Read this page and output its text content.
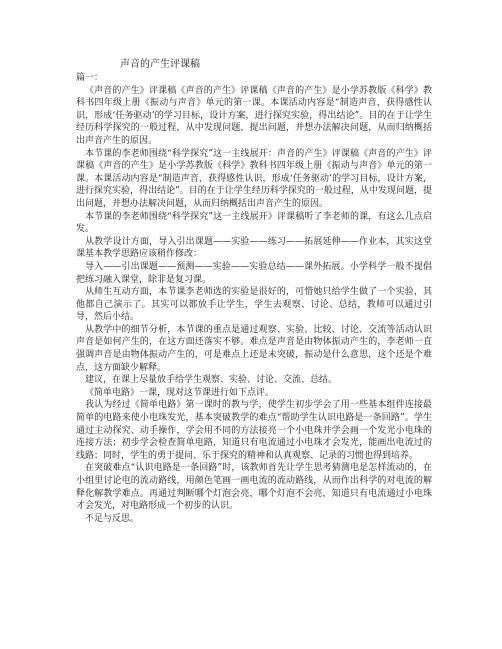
声音的产生评课稿

篇一：

《声音的产生》评课稿《声音的产生》评课稿《声音的产生》是小学苏教版《科学》教科书四年级上册《振动与声音》单元的第一课。本课活动内容是“制造声音，获得感性认识，形成‘任务驱动’的学习目标，设计方案，进行探究实验，得出结论”。目的在于让学生经历科学探究的一般过程，从中发现问题，提出问题，并想办法解决问题，从而归纳概括出声音产生的原因。

本节课的李老师围绕“科学探究”这一主线展开：声音的产生》评课稿《声音的产生》评课稿《声音的产生》是小学苏教版《科学》教科书四年级上册《振动与声音》单元的第一课。本课活动内容是“制造声音，获得感性认识，形成‘任务驱动’的学习目标，设计方案，进行探究实验，得出结论”。目的在于让学生经历科学探究的一般过程，从中发现问题，提出问题，并想办法解决问题，从而归纳概括出声音产生的原因。

本节课的李老师围绕“科学探究”这一主线展开》评课稿听了李老师的课，有这么几点启发。

从教学设计方面，导入引出课题——实验——练习——拓展延伸——作业本，其实这堂课基本教学思路应该稍作修改：

导入——引出课题——预测——实验——实验总结——课外拓展。小学科学一般不提倡把练习融入课堂，除非是复习课。

从师生互动方面，本节课李老师选的实验是很好的，可惜她只给学生做了一个实验，其他都自己演示了。其实可以都放手让学生，学生去观察、讨论、总结，教师可以通过引导，然后小结。

从教学中的细节分析，本节课的重点是通过观察、实验、比较、讨论、交流等活动认识声音是如何产生的，在这方面还落实不够。难点是声音是由物体振动产生的，李老师一直强调声音是由物体振动产生的，可是难点上还是未突破，振动是什么意思，这个还是个难点，这方面缺少解释。

建议，在课上尽量放手给学生观察、实验、讨论、交流、总结。

《简单电路》一课，现对这节课进行如下点评。

我认为经过《简单电路》第一课时的教与学，使学生初步学会了用一些基本组件连接最简单的电路来使小电珠发光，基本突破教学的难点“帮助学生认识电路是一条回路”。学生通过主动探究、动手操作，学会用不同的方法接亮一个小电珠并学会画一个发光小电珠的连接方法；初步学会检查简单电路，知道只有电流通过小电珠才会发光，能画出电流过的线路；同时，学生的勇于提问、乐于探究的精神和认真观察、记录的习惯也得到培养。

在突破难点“认识电路是一条回路”时，该教师首先让学生思考猜测电是怎样流动的，在小组里讨论电的流动路线，用颜色笔画一画电流的流动路线，从而作出科学的对电流的解释化解教学难点。再通过判断哪个灯泡会亮，哪个灯泡不会亮，知道只有电流通过小电珠才会发光，对电路形成一个初步的认识。

不足与反思。
